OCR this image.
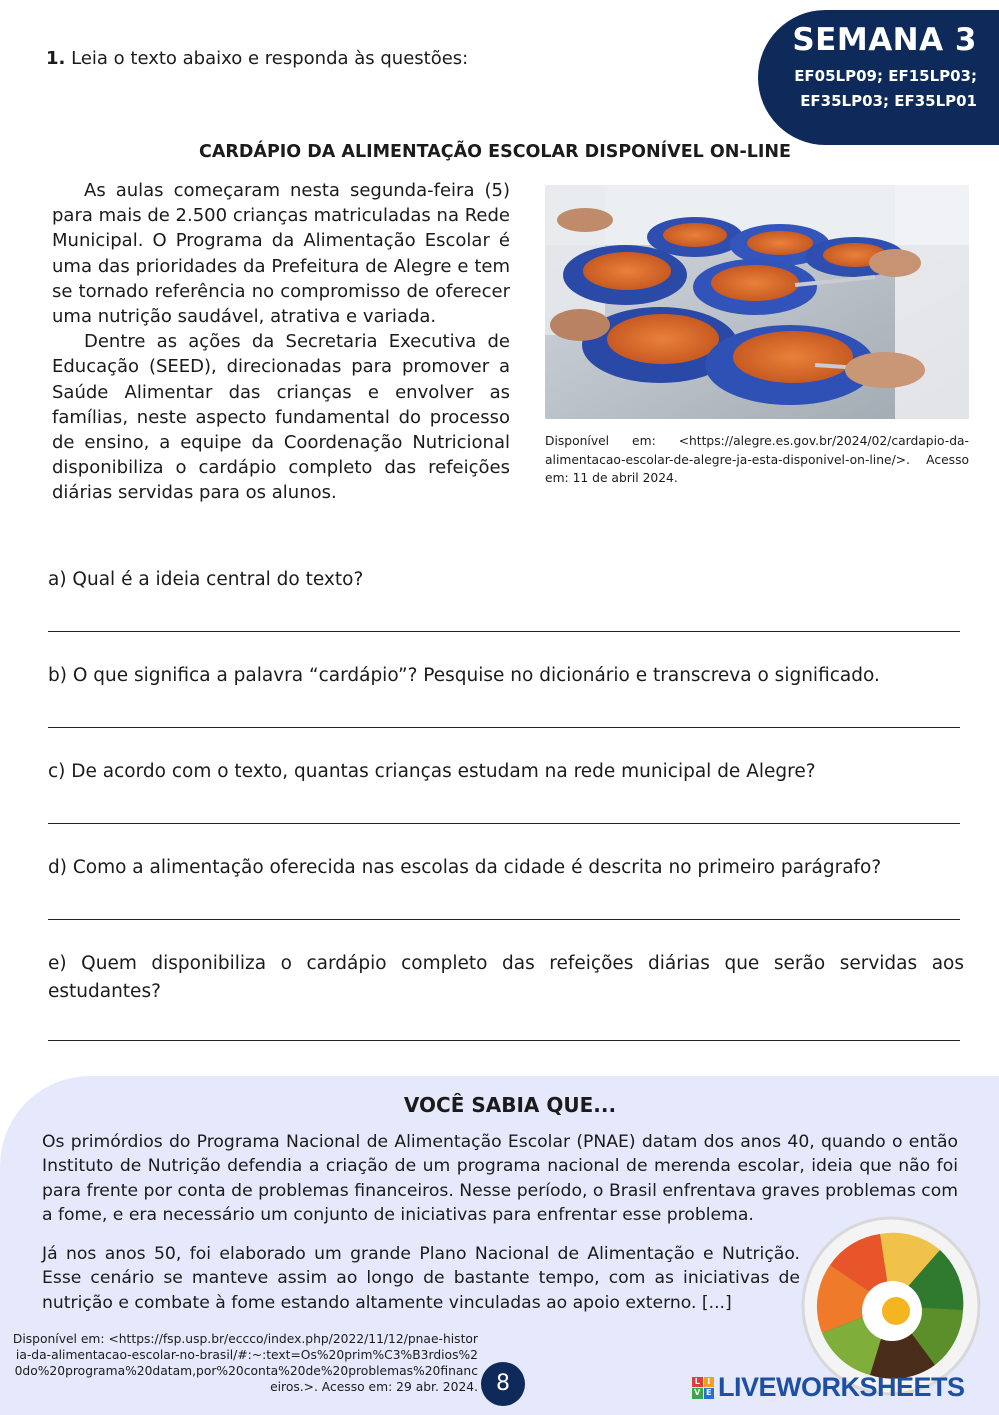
SEMANA 3
EF05LP09; EF15LP03;
EF35LP03; EF35LP01
1. Leia o texto abaixo e responda às questões:
CARDÁPIO DA ALIMENTAÇÃO ESCOLAR DISPONÍVEL ON-LINE

As aulas começaram nesta segunda-feira (5) para mais de 2.500 crianças matriculadas na Rede Municipal. O Programa da Alimentação Escolar é uma das prioridades da Prefeitura de Alegre e tem se tornado referência no compromisso de oferecer uma nutrição saudável, atrativa e variada.

Dentre as ações da Secretaria Executiva de Educação (SEED), direcionadas para promover a Saúde Alimentar das crianças e envolver as famílias, neste aspecto fundamental do processo de ensino, a equipe da Coordenação Nutricional disponibiliza o cardápio completo das refeições diárias servidas para os alunos.

Disponível em: <https://alegre.es.gov.br/2024/02/cardapio-da-alimentacao-escolar-de-alegre-ja-esta-disponivel-on-line/>. Acesso em: 11 de abril 2024.
a) Qual é a ideia central do texto?
b) O que significa a palavra “cardápio”? Pesquise no dicionário e transcreva o significado.
c) De acordo com o texto, quantas crianças estudam na rede municipal de Alegre?
d) Como a alimentação oferecida nas escolas da cidade é descrita no primeiro parágrafo?
e) Quem disponibiliza o cardápio completo das refeições diárias que serão servidas aos estudantes?
VOCÊ SABIA QUE...

Os primórdios do Programa Nacional de Alimentação Escolar (PNAE) datam dos anos 40, quando o então Instituto de Nutrição defendia a criação de um programa nacional de merenda escolar, ideia que não foi para frente por conta de problemas financeiros. Nesse período, o Brasil enfrentava graves problemas com a fome, e era necessário um conjunto de iniciativas para enfrentar esse problema.

Já nos anos 50, foi elaborado um grande Plano Nacional de Alimentação e Nutrição. Esse cenário se manteve assim ao longo de bastante tempo, com as iniciativas de nutrição e combate à fome estando altamente vinculadas ao apoio externo. [...]

Disponível em: <https://fsp.usp.br/eccco/index.php/2022/11/12/pnae-historia-da-alimentacao-escolar-no-brasil/#:~:text=Os%20prim%C3%B3rdios%20do%20programa%20datam,por%20conta%20de%20problemas%20financeiros.>. Acesso em: 29 abr. 2024. 8	L I
V E LIVEWORKSHEETS
